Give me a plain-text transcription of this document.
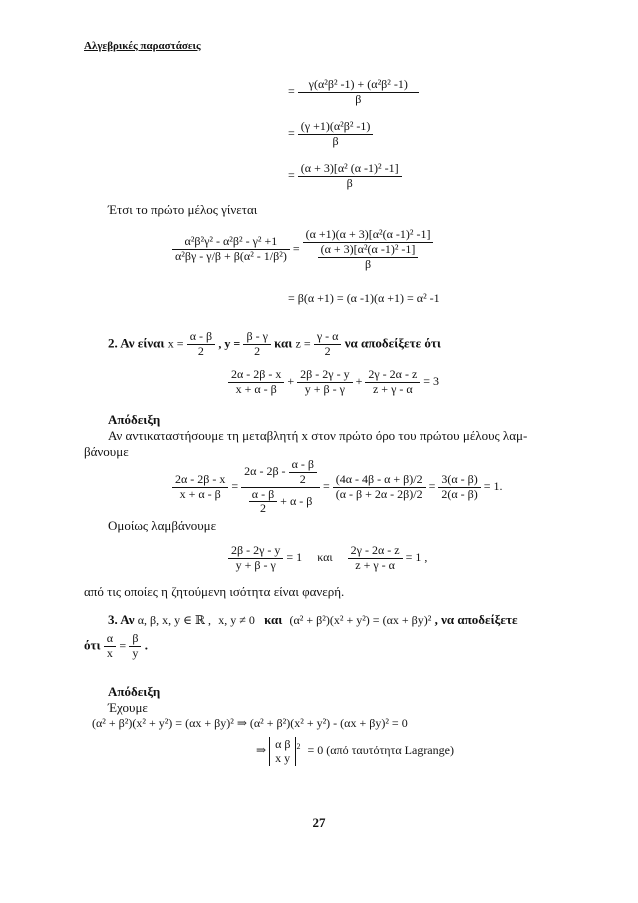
Αλγεβρικές παραστάσεις
= $\frac{\text{γ(α²β² -1) + (α²β² -1)}}{\beta}$
= $\frac{\text{(γ +1)(α²β² -1)}}{\beta}$
= $\frac{\text{(α + 3)[α² (α -1)² -1]}}{\beta}$
Έτσι το πρώτο μέλος γίνεται
$\frac{\text{α²β²γ² - α²β² - γ² +1}}{\text{α²βγ - γ/β + β(α² - 1/β²)}} = \frac{\text{(α +1)(α + 3)[α²(α -1)² -1]}}{\frac{\text{(α + 3)[α²(α -1)² -1]}}{\beta}}$
= β(α +1) = (α -1)(α +1) = α² -1
2. Αν είναι $x = \frac{\alpha - \beta}{2}$ , $y = \frac{\beta - \gamma}{2}$ και $z = \frac{\gamma - \alpha}{2}$ να αποδείξετε ότι
$\frac{2\alpha - 2\beta - x}{x + \alpha - \beta} + \frac{2\beta - 2\gamma - y}{y + \beta - \gamma} + \frac{2\gamma - 2\alpha - z}{z + \gamma - \alpha} = 3$
Απόδειξη
Αν αντικαταστήσουμε τη μεταβλητή x στον πρώτο όρο του πρώτου μέλους λαμ-
βάνουμε
$\frac{2\alpha - 2\beta - x}{x + \alpha - \beta} = \frac{2\alpha - 2\beta - \frac{\alpha - \beta}{2}}{\frac{\alpha - \beta}{2} + \alpha - \beta} = \frac{(4\alpha - 4\beta - \alpha + \beta)/2}{(\alpha - \beta + 2\alpha - 2\beta)/2} = \frac{3(\alpha - \beta)}{2(\alpha - \beta)} = 1$.
Ομοίως λαμβάνουμε
$\frac{2\beta - 2\gamma - y}{y + \beta - \gamma} = 1$ και $\frac{2\gamma - 2\alpha - z}{z + \gamma - \alpha} = 1$ ,
από τις οποίες η ζητούμενη ισότητα είναι φανερή.
3. Αν α, β, x, y ∈ ℝ , x, y ≠ 0 και (α² + β²)(x² + y²) = (αx + βy)² , να αποδείξετε
ότι $\frac{\alpha}{x} = \frac{\beta}{y}$ .
Απόδειξη
Έχουμε
(α² + β²)(x² + y²) = (αx + βy)² ⇒ (α² + β²)(x² + y²) - (αx + βy)² = 0
⇒ α β
x y
$^2$ = 0 (από ταυτότητα Lagrange)
27
